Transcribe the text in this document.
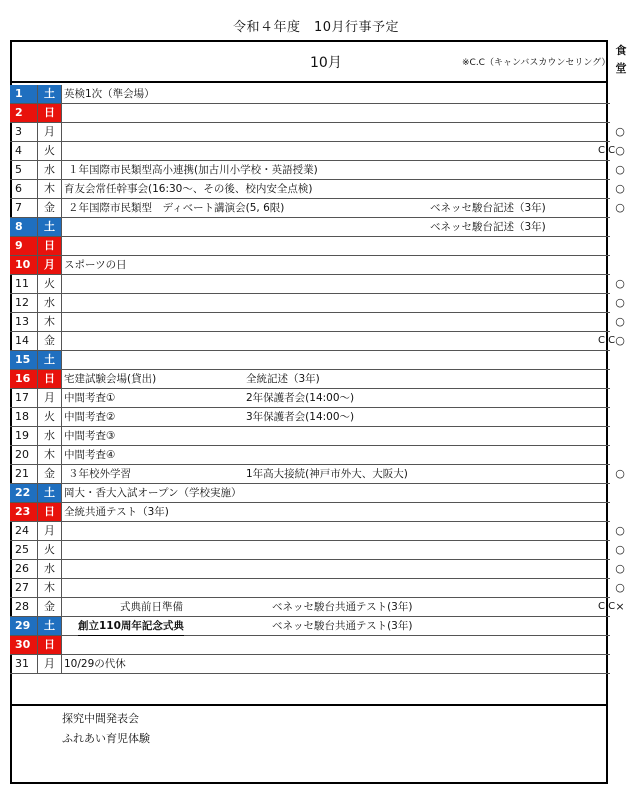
令和４年度　10月行事予定
10月	※C.C（キャンバスカウンセリング）
食堂
1	土 英検1次（準会場）
2	日
3	月	○
4	火	C.C ○
5	水	１年国際市民類型高小連携(加古川小学校・英語授業)	○
6	木 育友会常任幹事会(16:30～、その後、校内安全点検)	○
7	金	２年国際市民類型　ディベート講演会(5, 6限)	ベネッセ駿台記述（3年)	○
8	土	ベネッセ駿台記述（3年)
9	日
10	月 スポーツの日
11	火	○
12	水	○
13	木	○
14	金	C.C ○
15	土
16	日 宅建試験会場(貸出)	全統記述（3年)
17	月 中間考査①	2年保護者会(14:00～)
18	火 中間考査②	3年保護者会(14:00～)
19	水 中間考査③
20	木 中間考査④
21	金	３年校外学習	1年高大接続(神戸市外大、大阪大)	○
22	土 岡大・香大入試オープン（学校実施）
23	日 全統共通テスト（3年)
24	月	○
25	火	○
26	水	○
27	木	○
28	金	式典前日準備	ベネッセ駿台共通テスト(3年)	C.C ×
29	土	創立110周年記念式典	ベネッセ駿台共通テスト(3年)
30	日
31	月 10/29の代休
探究中間発表会
ふれあい育児体験
